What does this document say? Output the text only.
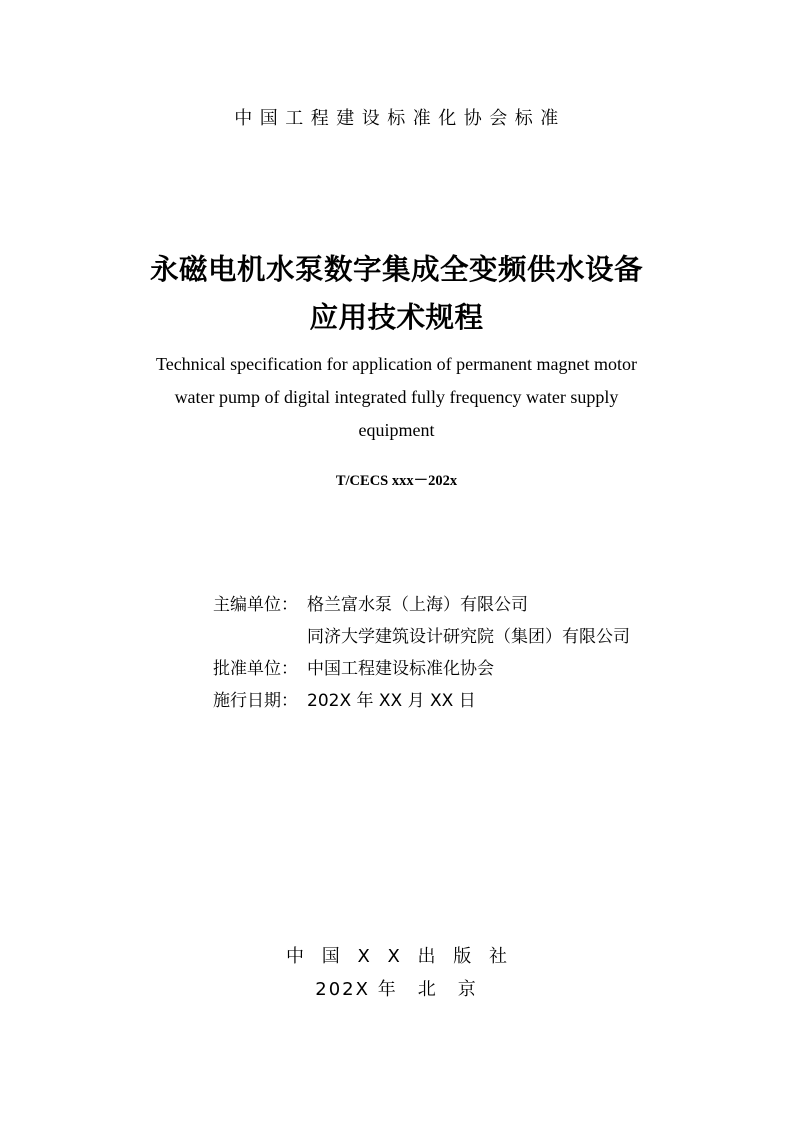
中国工程建设标准化协会标准
永磁电机水泵数字集成全变频供水设备
应用技术规程
Technical specification for application of permanent magnet motor
water pump of digital integrated fully frequency water supply
equipment
T/CECS xxx－202x
主编单位： 格兰富水泵（上海）有限公司
同济大学建筑设计研究院（集团）有限公司
批准单位： 中国工程建设标准化协会
施行日期： 202X 年 XX 月 XX 日
中 国 X X 出 版 社
202X 年　北　京
